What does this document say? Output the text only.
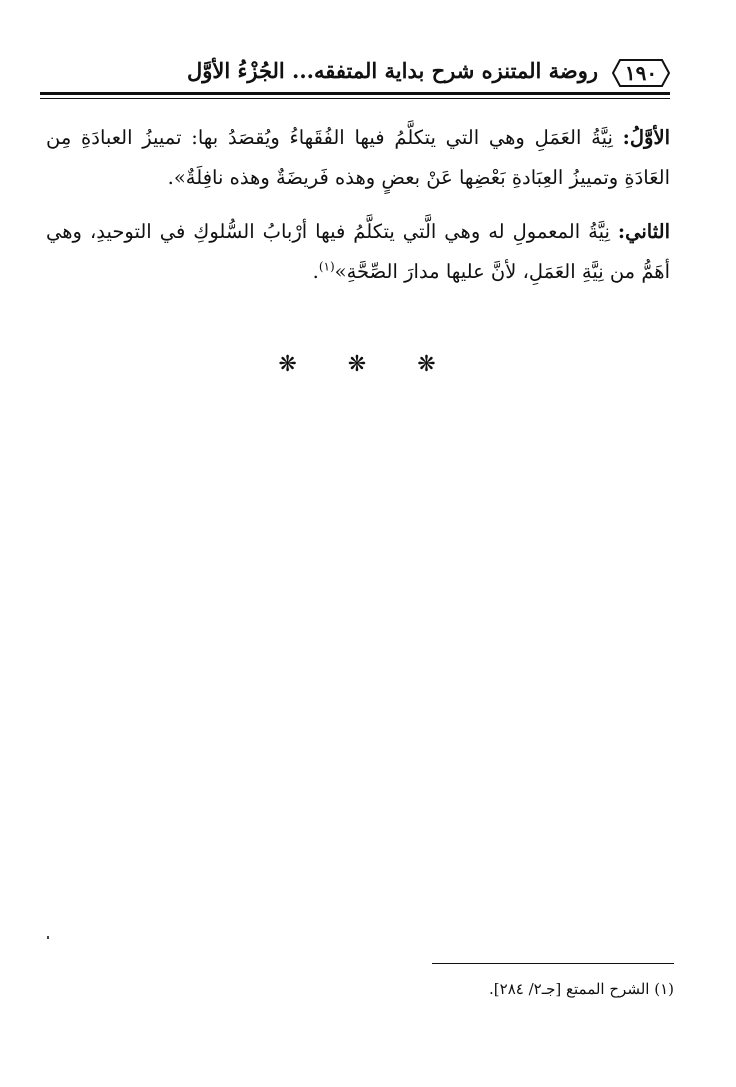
١٩٠
روضة المتنزه شرح بداية المتفقه... الجُزْءُ الأوَّل

الأوَّلُ: نِيَّةُ العَمَلِ وهي التي يتكلَّمُ فيها الفُقَهاءُ ويُقصَدُ بها: تمييزُ العبادَةِ مِن العَادَةِ وتمييزُ العِبَادةِ بَعْضِها عَنْ بعضٍ وهذه فَريضَةٌ وهذه نافِلَةٌ».

الثاني: نِيَّةُ المعمولِ له وهي الَّتي يتكلَّمُ فيها أرْبابُ السُّلوكِ في التوحيدِ، وهي أهَمُّ من نِيَّةِ العَمَلِ، لأنَّ عليها مدارَ الصِّحَّةِ»$^{(١)}$.

❋ ❋ ❋
(١) الشرح الممتع [جـ٢/ ٢٨٤].
